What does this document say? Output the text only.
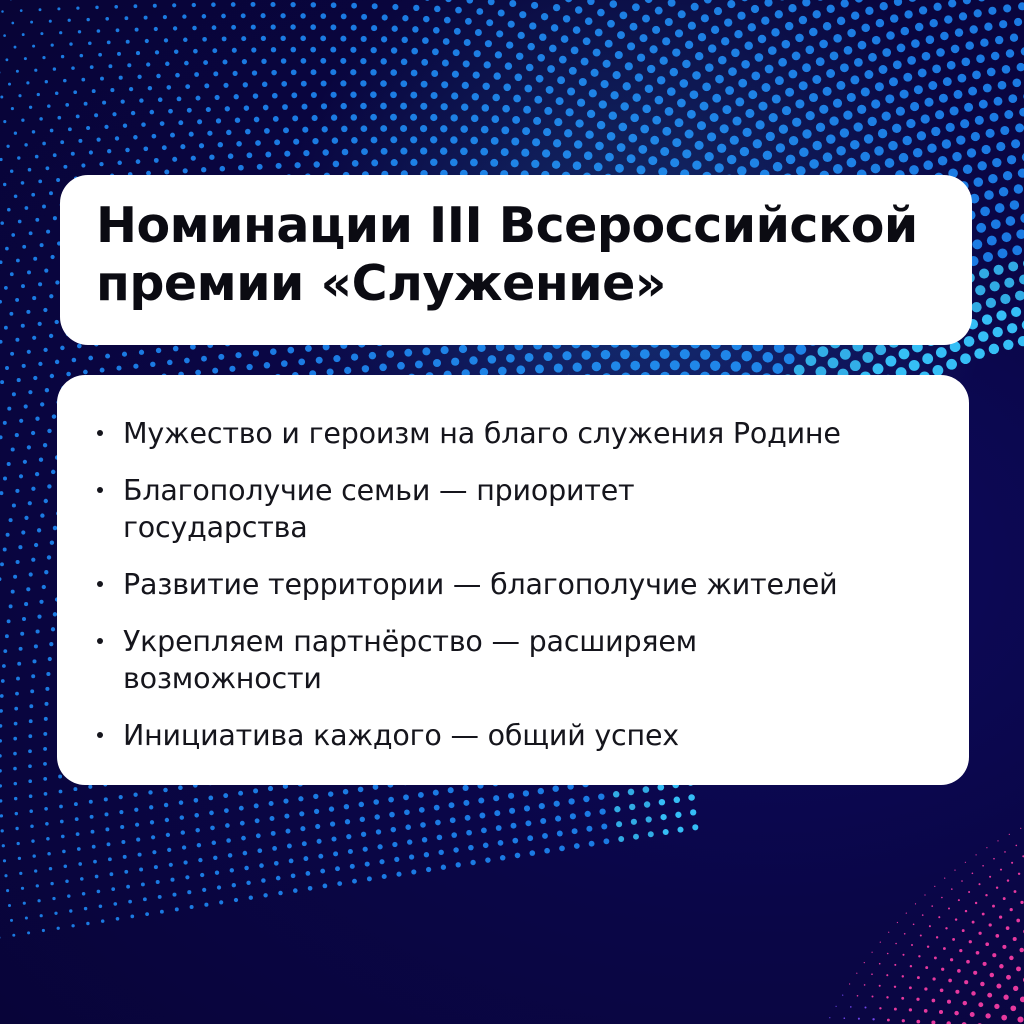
Номинации III Всероссийской
премии «Служение»
Мужество и героизм на благо служения Родине
Благополучие семьи — приоритет
государства
Развитие территории — благополучие жителей
Укрепляем партнёрство — расширяем
возможности
Инициатива каждого — общий успех
